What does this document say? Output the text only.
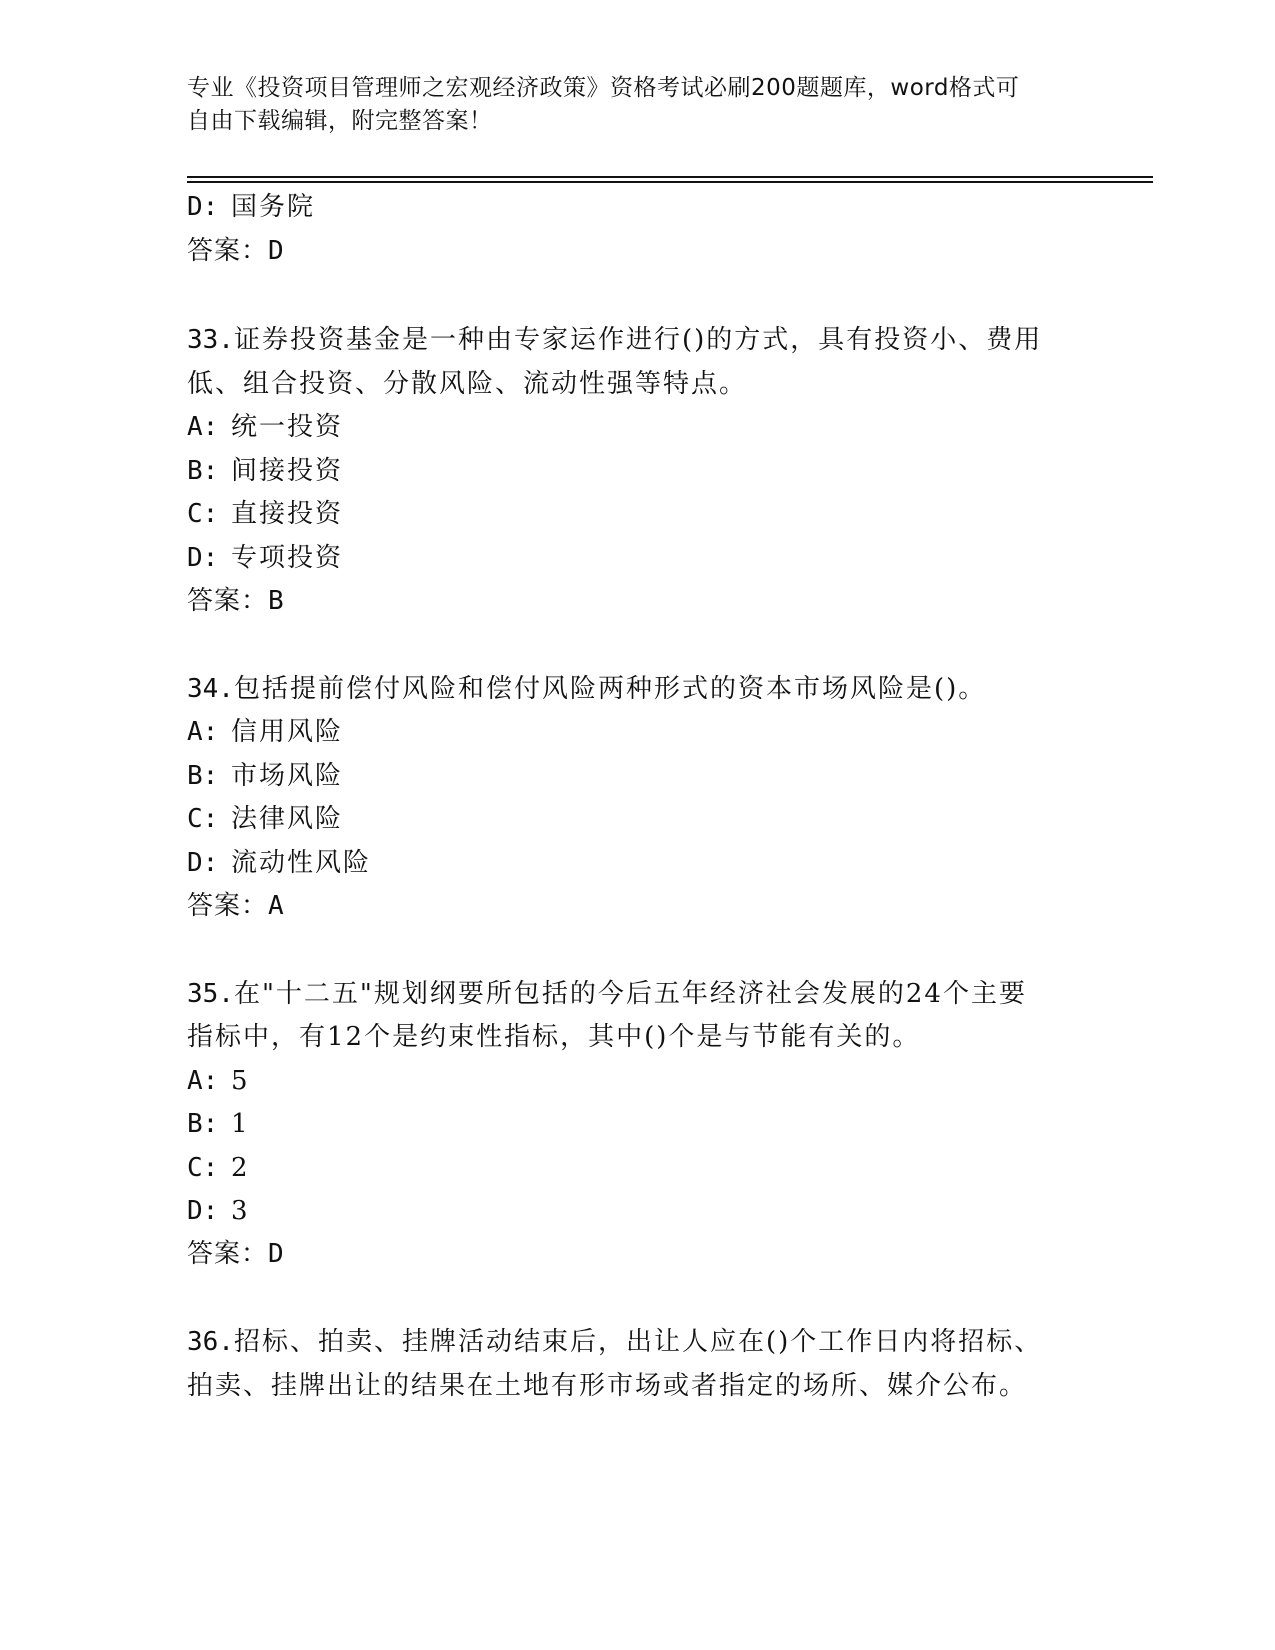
专业《投资项目管理师之宏观经济政策》资格考试必刷200题题库，word格式可
自由下载编辑，附完整答案！
D: 国务院
答案：D
33.证券投资基金是一种由专家运作进行()的方式，具有投资小、费用
低、组合投资、分散风险、流动性强等特点。
A: 统一投资
B: 间接投资
C: 直接投资
D: 专项投资
答案：B
34.包括提前偿付风险和偿付风险两种形式的资本市场风险是()。
A: 信用风险
B: 市场风险
C: 法律风险
D: 流动性风险
答案：A
35.在"十二五"规划纲要所包括的今后五年经济社会发展的24个主要
指标中，有12个是约束性指标，其中()个是与节能有关的。
A: 5
B: 1
C: 2
D: 3
答案：D
36.招标、拍卖、挂牌活动结束后，出让人应在()个工作日内将招标、
拍卖、挂牌出让的结果在土地有形市场或者指定的场所、媒介公布。
